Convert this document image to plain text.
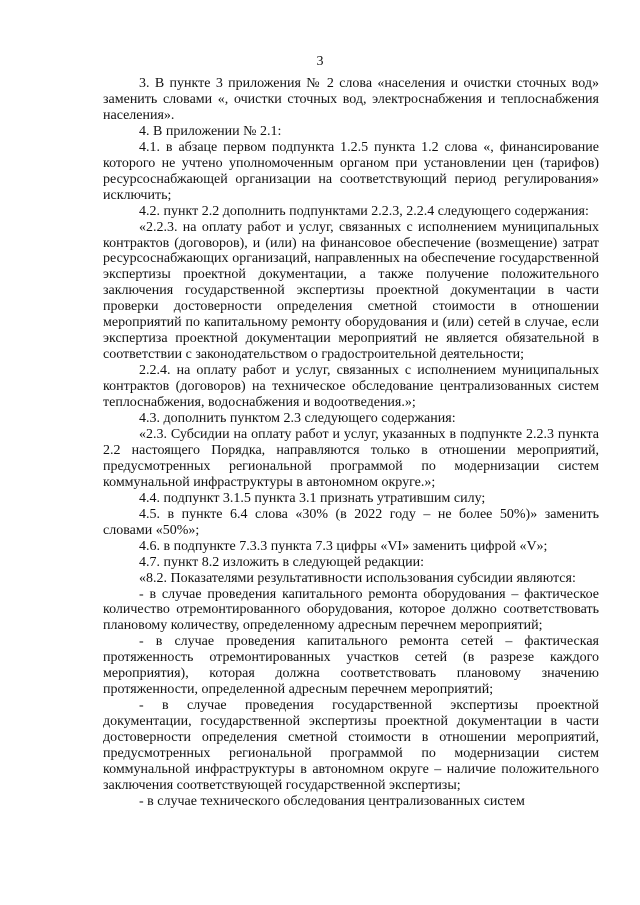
3

3. В пункте 3 приложения № 2 слова «населения и очистки сточных вод» заменить словами «, очистки сточных вод, электроснабжения и теплоснабжения населения».

4. В приложении № 2.1:

4.1. в абзаце первом подпункта 1.2.5 пункта 1.2 слова «, финансирование которого не учтено уполномоченным органом при установлении цен (тарифов) ресурсоснабжающей организации на соответствующий период регулирования» исключить;

4.2. пункт 2.2 дополнить подпунктами 2.2.3, 2.2.4 следующего содержания:

«2.2.3. на оплату работ и услуг, связанных с исполнением муниципальных контрактов (договоров), и (или) на финансовое обеспечение (возмещение) затрат ресурсоснабжающих организаций, направленных на обеспечение государственной экспертизы проектной документации, а также получение положительного заключения государственной экспертизы проектной документации в части проверки достоверности определения сметной стоимости в отношении мероприятий по капитальному ремонту оборудования и (или) сетей в случае, если экспертиза проектной документации мероприятий не является обязательной в соответствии с законодательством о градостроительной деятельности;

2.2.4. на оплату работ и услуг, связанных с исполнением муниципальных контрактов (договоров) на техническое обследование централизованных систем теплоснабжения, водоснабжения и водоотведения.»;

4.3. дополнить пунктом 2.3 следующего содержания:

«2.3. Субсидии на оплату работ и услуг, указанных в подпункте 2.2.3 пункта 2.2 настоящего Порядка, направляются только в отношении мероприятий, предусмотренных региональной программой по модернизации систем коммунальной инфраструктуры в автономном округе.»;

4.4. подпункт 3.1.5 пункта 3.1 признать утратившим силу;

4.5. в пункте 6.4 слова «30% (в 2022 году – не более 50%)» заменить словами «50%»;

4.6. в подпункте 7.3.3 пункта 7.3 цифры «VI» заменить цифрой «V»;

4.7. пункт 8.2 изложить в следующей редакции:

«8.2. Показателями результативности использования субсидии являются:

- в случае проведения капитального ремонта оборудования – фактическое количество отремонтированного оборудования, которое должно соответствовать плановому количеству, определенному адресным перечнем мероприятий;

- в случае проведения капитального ремонта сетей – фактическая протяженность отремонтированных участков сетей (в разрезе каждого мероприятия), которая должна соответствовать плановому значению протяженности, определенной адресным перечнем мероприятий;

- в случае проведения государственной экспертизы проектной документации, государственной экспертизы проектной документации в части достоверности определения сметной стоимости в отношении мероприятий, предусмотренных региональной программой по модернизации систем коммунальной инфраструктуры в автономном округе – наличие положительного заключения соответствующей государственной экспертизы;

- в случае технического обследования централизованных систем
